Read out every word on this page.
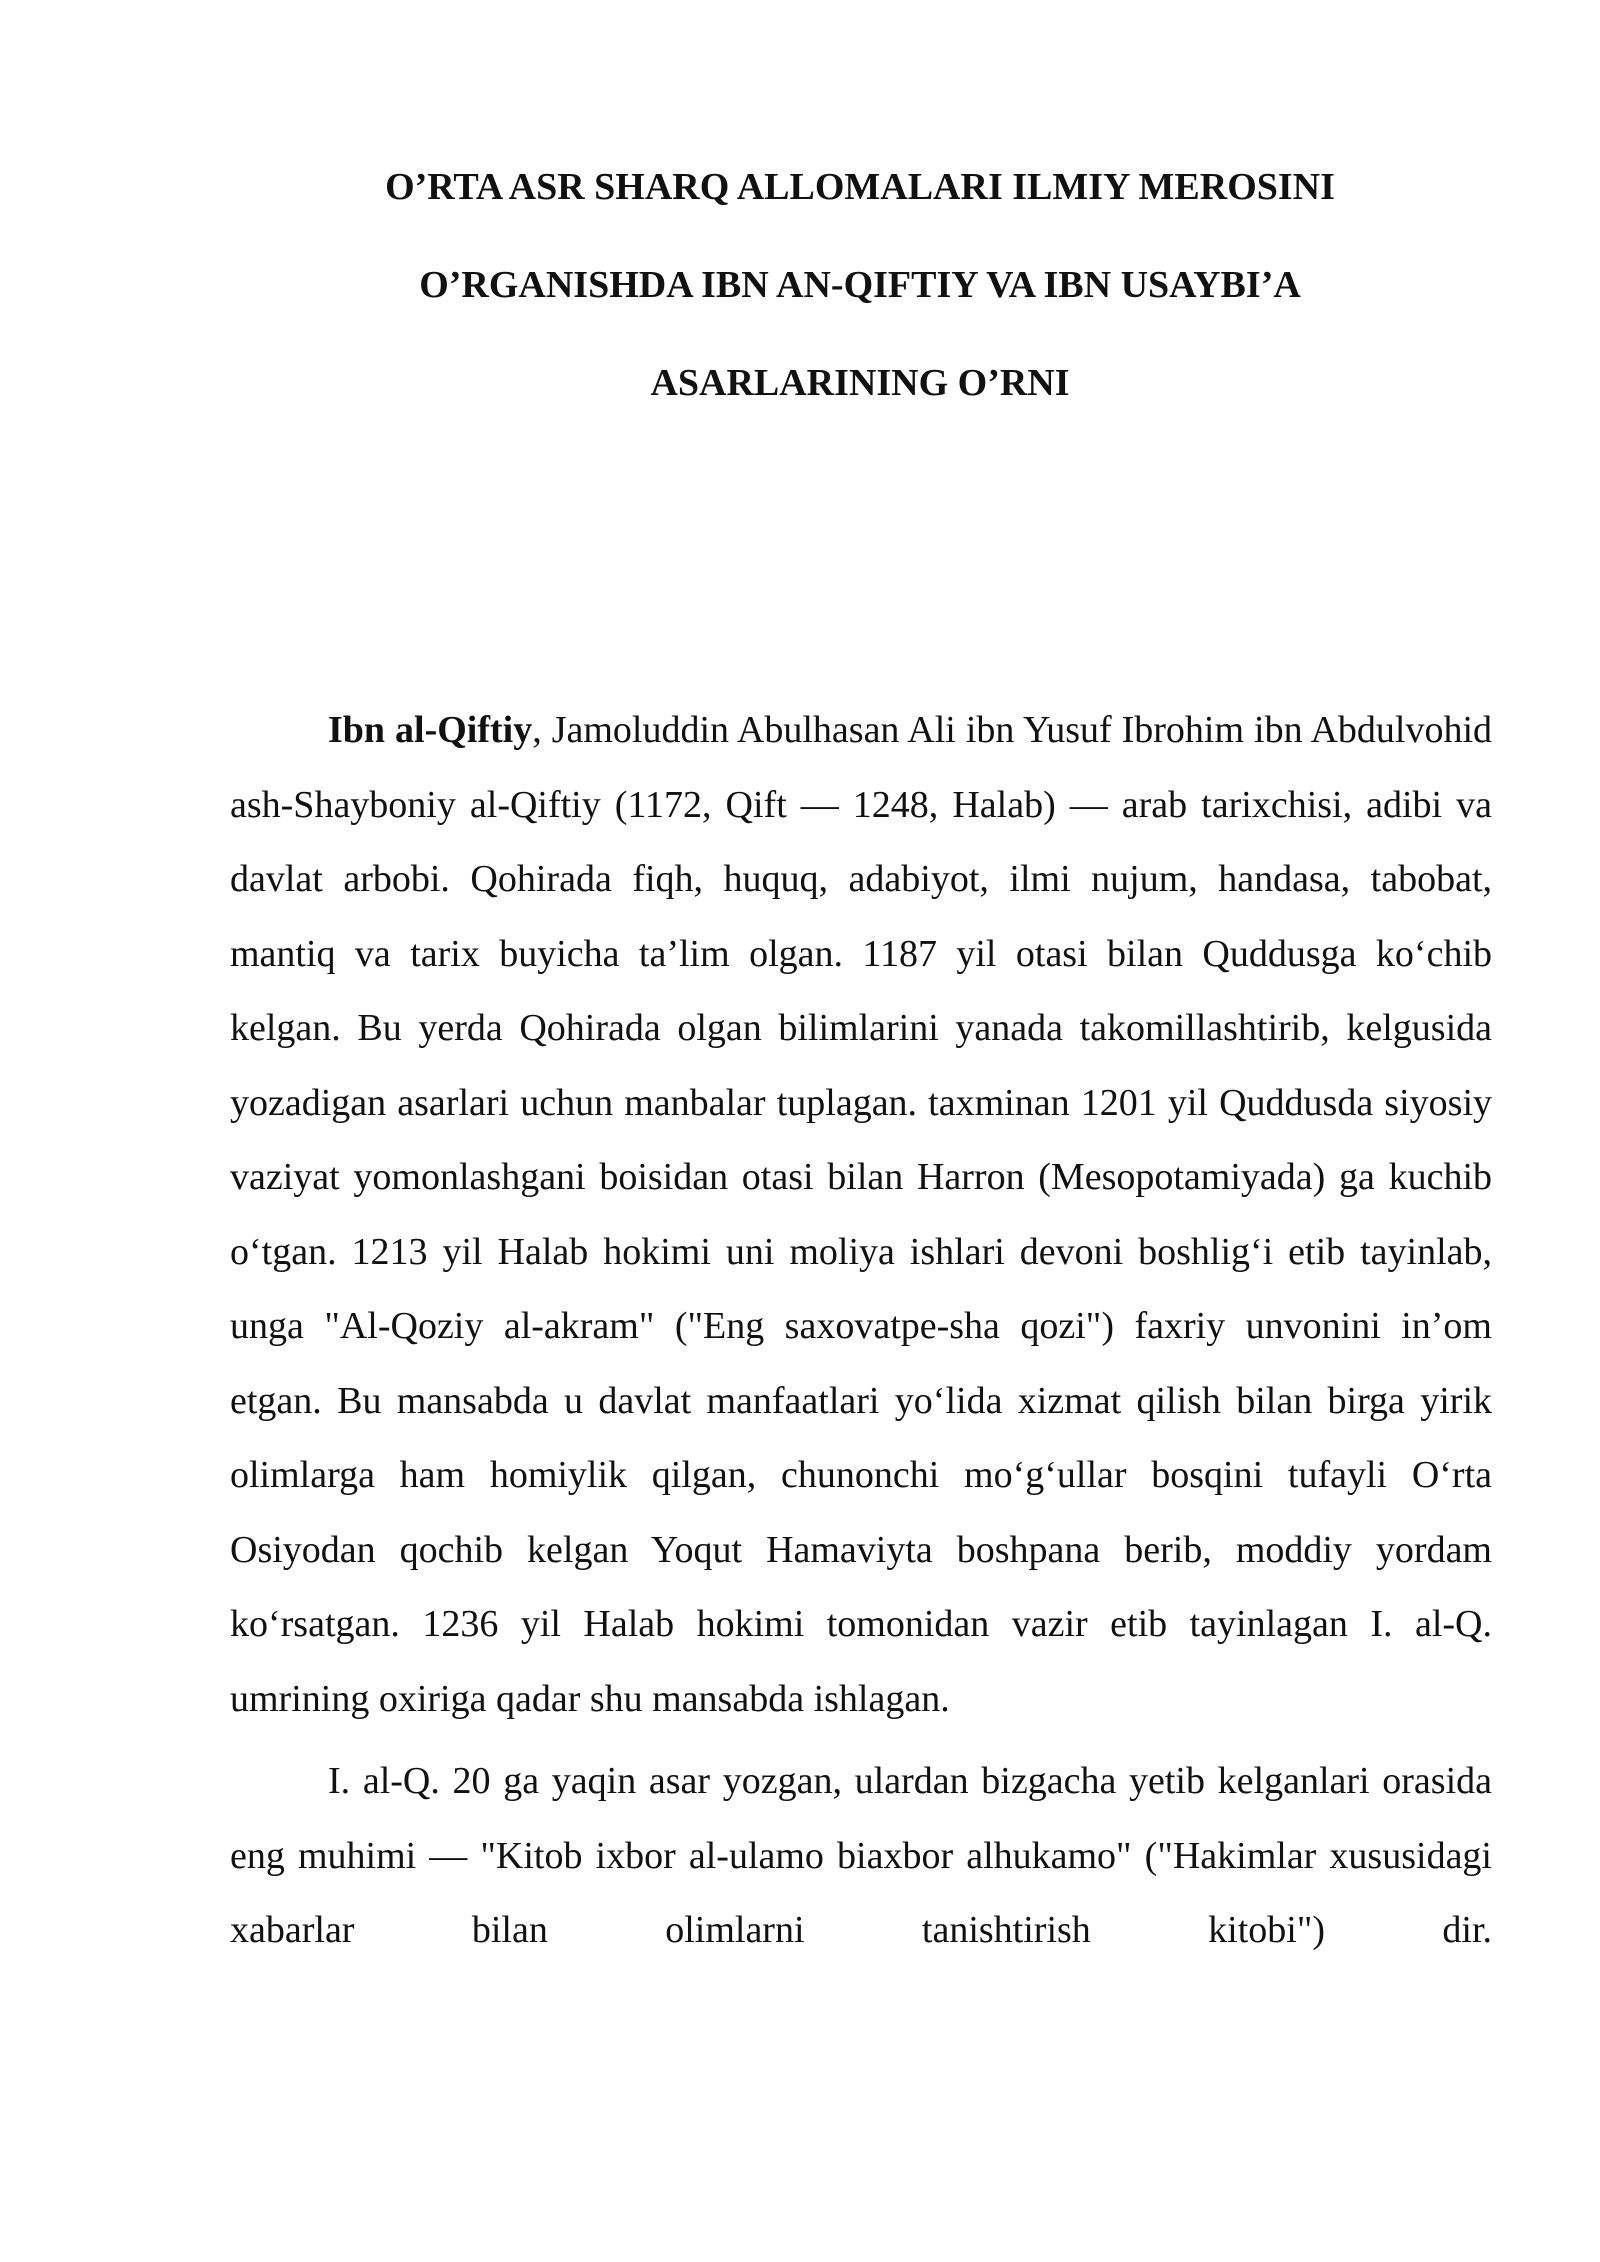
O’RTA ASR SHARQ ALLOMALARI ILMIY MEROSINI
O’RGANISHDA IBN AN-QIFTIY VA IBN USAYBI’A
ASARLARINING O’RNI

Ibn al-Qiftiy, Jamoluddin Abulhasan Ali ibn Yusuf Ibrohim ibn Abdulvohid ash-Shayboniy al-Qiftiy (1172, Qift — 1248, Halab) — arab tarixchisi, adibi va davlat arbobi. Qohirada fiqh, huquq, adabiyot, ilmi nujum, handasa, tabobat, mantiq va tarix buyicha ta’lim olgan. 1187 yil otasi bilan Quddusga ko‘chib kelgan. Bu yerda Qohirada olgan bilimlarini yanada takomillashtirib, kelgusida yozadigan asarlari uchun manbalar tuplagan. taxminan 1201 yil Quddusda siyosiy vaziyat yomonlashgani boisidan otasi bilan Harron (Mesopotamiyada) ga kuchib o‘tgan. 1213 yil Halab hokimi uni moliya ishlari devoni boshlig‘i etib tayinlab, unga "Al-Qoziy al-akram" ("Eng saxovatpe-sha qozi") faxriy unvonini in’om etgan. Bu mansabda u davlat manfaatlari yo‘lida xizmat qilish bilan birga yirik olimlarga ham homiylik qilgan, chunonchi mo‘g‘ullar bosqini tufayli O‘rta Osiyodan qochib kelgan Yoqut Hamaviyta boshpana berib, moddiy yordam ko‘rsatgan. 1236 yil Halab hokimi tomonidan vazir etib tayinlagan I. al-Q. umrining oxiriga qadar shu mansabda ishlagan.

I. al-Q. 20 ga yaqin asar yozgan, ulardan bizgacha yetib kelganlari orasida eng muhimi — "Kitob ixbor al-ulamo biaxbor alhukamo" ("Hakimlar xususidagi xabarlar bilan olimlarni tanishtirish kitobi") dir.
